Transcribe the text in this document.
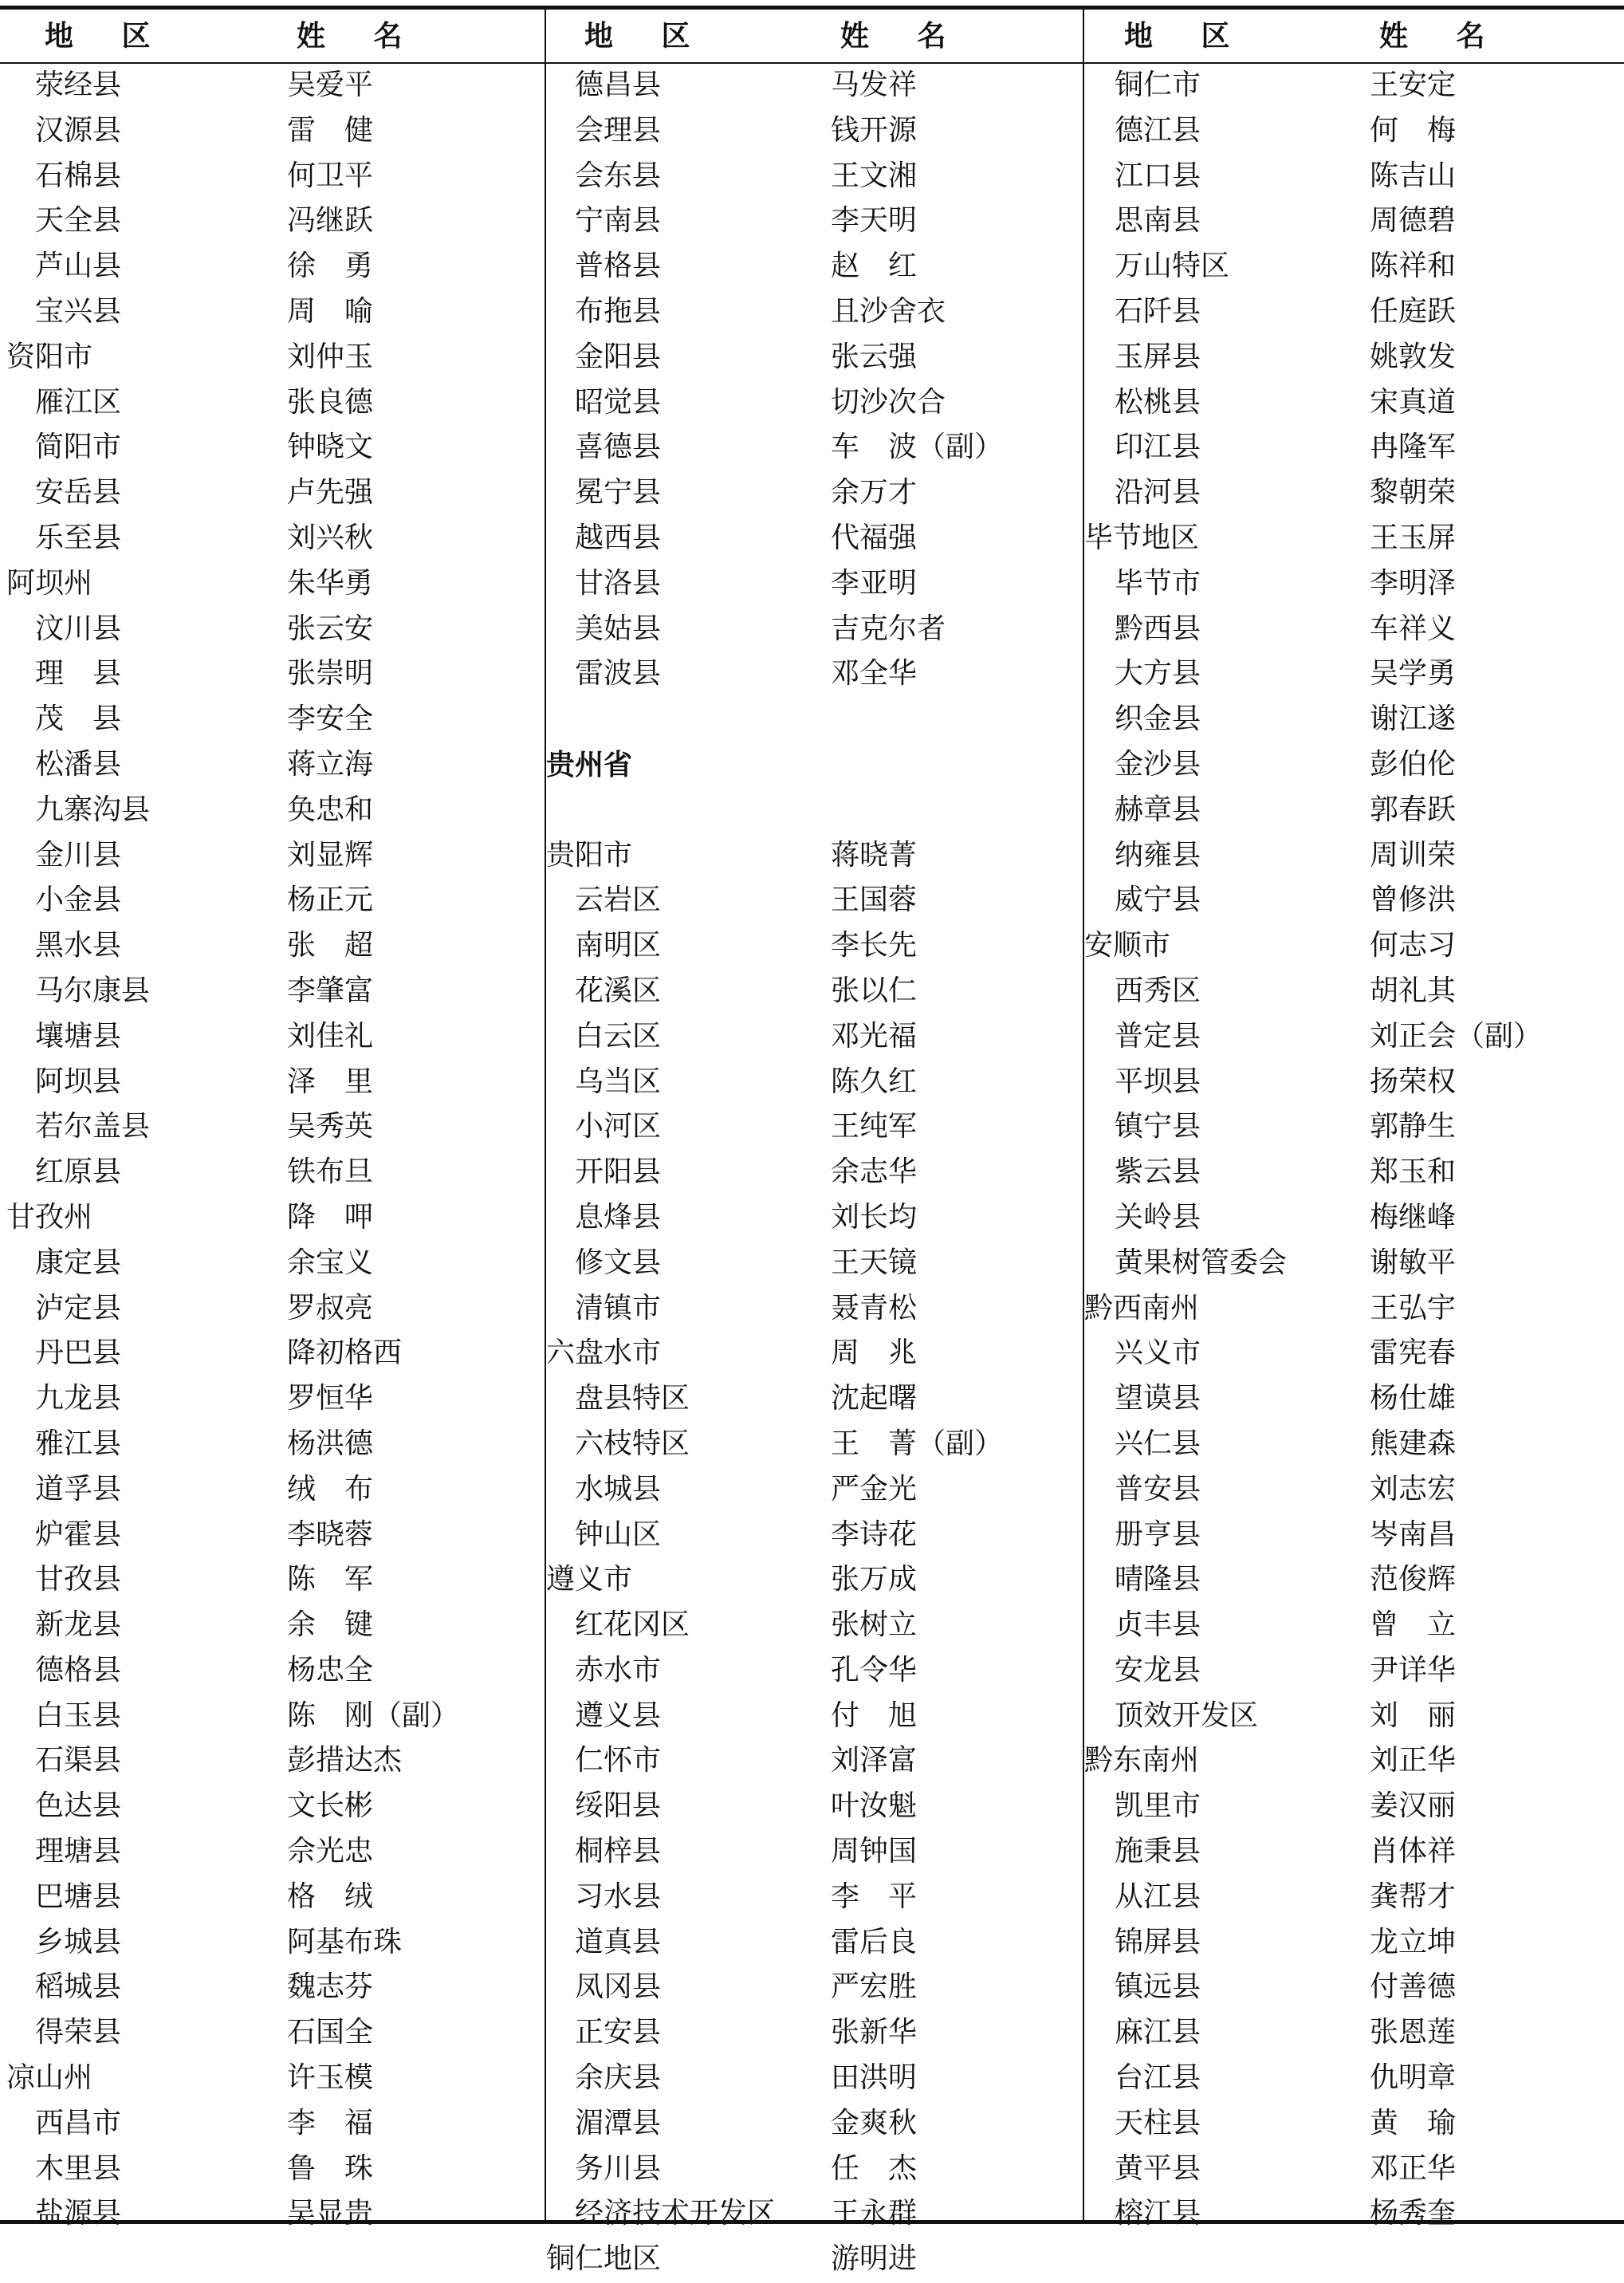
地 区	姓 名
荥经县	吴爱平
汉源县	雷　健
石棉县	何卫平
天全县	冯继跃
芦山县	徐　勇
宝兴县	周　喻
资阳市	刘仲玉
雁江区	张良德
简阳市	钟晓文
安岳县	卢先强
乐至县	刘兴秋
阿坝州	朱华勇
汶川县	张云安
理　县	张崇明
茂　县	李安全
松潘县	蒋立海
九寨沟县	奂忠和
金川县	刘显辉
小金县	杨正元
黑水县	张　超
马尔康县	李肇富
壤塘县	刘佳礼
阿坝县	泽　里
若尔盖县	吴秀英
红原县	铁布旦
甘孜州	降　呷
康定县	余宝义
泸定县	罗叔亮
丹巴县	降初格西
九龙县	罗恒华
雅江县	杨洪德
道孚县	绒　布
炉霍县	李晓蓉
甘孜县	陈　军
新龙县	余　键
德格县	杨忠全
白玉县	陈　刚（副）
石渠县	彭措达杰
色达县	文长彬
理塘县	佘光忠
巴塘县	格　绒
乡城县	阿基布珠
稻城县	魏志芬
得荣县	石国全
凉山州	许玉模
西昌市	李　福
木里县	鲁　珠
盐源县	吴显贵
地 区	姓 名
德昌县	马发祥
会理县	钱开源
会东县	王文湘
宁南县	李天明
普格县	赵　红
布拖县	且沙舍衣
金阳县	张云强
昭觉县	切沙次合
喜德县	车　波（副）
冕宁县	余万才
越西县	代福强
甘洛县	李亚明
美姑县	吉克尔者
雷波县	邓全华
贵州省
贵阳市	蒋晓菁
云岩区	王国蓉
南明区	李长先
花溪区	张以仁
白云区	邓光福
乌当区	陈久红
小河区	王纯军
开阳县	余志华
息烽县	刘长均
修文县	王天镜
清镇市	聂青松
六盘水市	周　兆
盘县特区	沈起曙
六枝特区	王　菁（副）
水城县	严金光
钟山区	李诗花
遵义市	张万成
红花冈区	张树立
赤水市	孔令华
遵义县	付　旭
仁怀市	刘泽富
绥阳县	叶汝魁
桐梓县	周钟国
习水县	李　平
道真县	雷后良
凤冈县	严宏胜
正安县	张新华
余庆县	田洪明
湄潭县	金爽秋
务川县	任　杰
经济技术开发区 王永群
铜仁地区	游明进
地 区	姓 名
铜仁市	王安定
德江县	何　梅
江口县	陈吉山
思南县	周德碧
万山特区	陈祥和
石阡县	任庭跃
玉屏县	姚敦发
松桃县	宋真道
印江县	冉隆军
沿河县	黎朝荣
毕节地区	王玉屏
毕节市	李明泽
黔西县	车祥义
大方县	吴学勇
织金县	谢江遂
金沙县	彭伯伦
赫章县	郭春跃
纳雍县	周训荣
威宁县	曾修洪
安顺市	何志习
西秀区	胡礼其
普定县	刘正会（副）
平坝县	扬荣权
镇宁县	郭静生
紫云县	郑玉和
关岭县	梅继峰
黄果树管委会	谢敏平
黔西南州	王弘宇
兴义市	雷宪春
望谟县	杨仕雄
兴仁县	熊建森
普安县	刘志宏
册亨县	岑南昌
晴隆县	范俊辉
贞丰县	曾　立
安龙县	尹详华
顶效开发区	刘　丽
黔东南州	刘正华
凯里市	姜汉丽
施秉县	肖体祥
从江县	龚帮才
锦屏县	龙立坤
镇远县	付善德
麻江县	张恩莲
台江县	仇明章
天柱县	黄　瑜
黄平县	邓正华
榕江县	杨秀奎
